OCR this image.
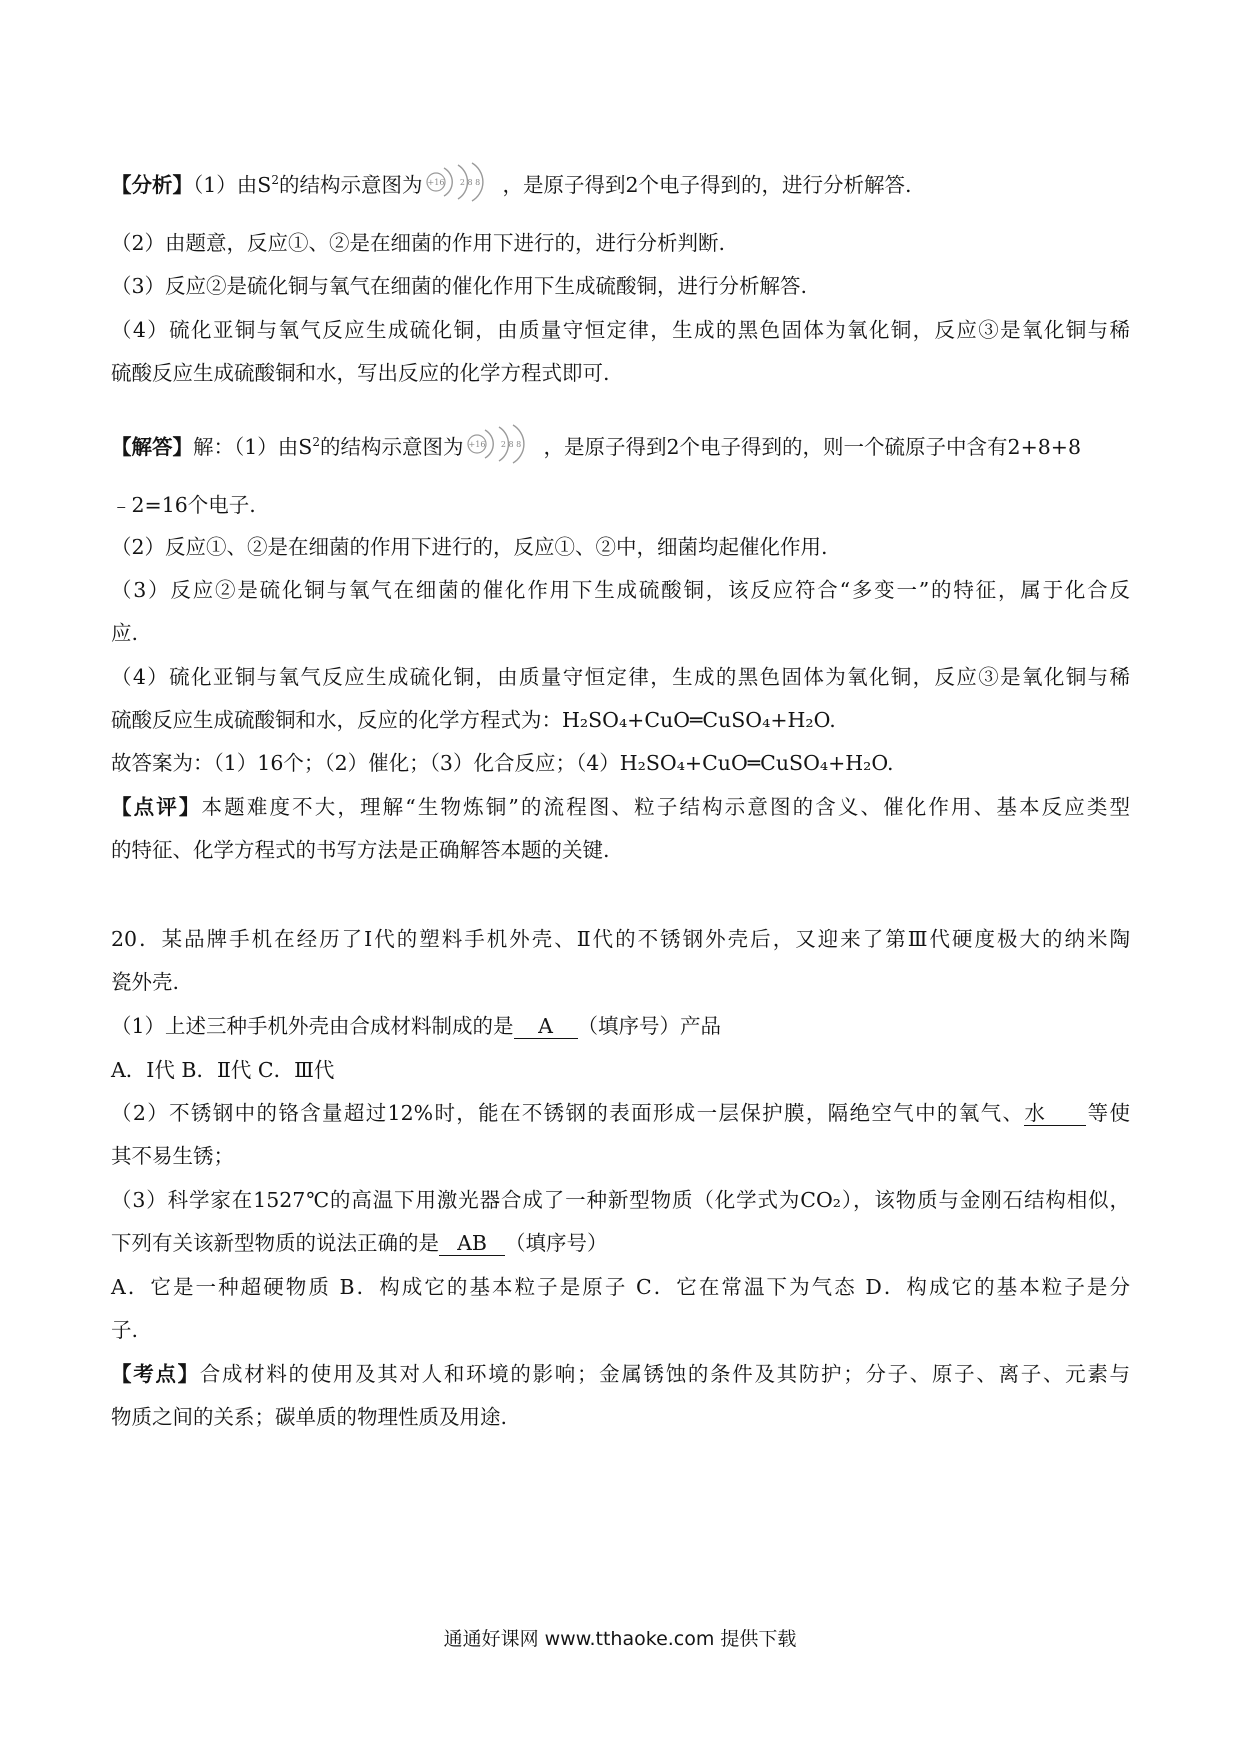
【分析】（1）由$S^2$的结构示意图为 +16 2 8 8 ，是原子得到2个电子得到的，进行分析解答.
（2）由题意，反应①、②是在细菌的作用下进行的，进行分析判断.
（3）反应②是硫化铜与氧气在细菌的催化作用下生成硫酸铜，进行分析解答.
（4）硫化亚铜与氧气反应生成硫化铜，由质量守恒定律，生成的黑色固体为氧化铜，反应③是氧化铜与稀
硫酸反应生成硫酸铜和水，写出反应的化学方程式即可.
【解答】解：（1）由$S^2$的结构示意图为 +16 2 8 8 ，是原子得到2个电子得到的，则一个硫原子中含有2+8+8
﹣2=16个电子.
（2）反应①、②是在细菌的作用下进行的，反应①、②中，细菌均起催化作用.
（3）反应②是硫化铜与氧气在细菌的催化作用下生成硫酸铜，该反应符合“多变一”的特征，属于化合反
应.
（4）硫化亚铜与氧气反应生成硫化铜，由质量守恒定律，生成的黑色固体为氧化铜，反应③是氧化铜与稀
硫酸反应生成硫酸铜和水，反应的化学方程式为：H₂SO₄+CuO═CuSO₄+H₂O.
故答案为：（1）16个；（2）催化；（3）化合反应；（4）H₂SO₄+CuO═CuSO₄+H₂O.
【点评】本题难度不大，理解“生物炼铜”的流程图、粒子结构示意图的含义、催化作用、基本反应类型
的特征、化学方程式的书写方法是正确解答本题的关键.
20．某品牌手机在经历了Ⅰ代的塑料手机外壳、Ⅱ代的不锈钢外壳后，又迎来了第Ⅲ代硬度极大的纳米陶
瓷外壳.
（1）上述三种手机外壳由合成材料制成的是 A （填序号）产品
A．Ⅰ代 B．Ⅱ代 C．Ⅲ代
（2）不锈钢中的铬含量超过12%时，能在不锈钢的表面形成一层保护膜，隔绝空气中的氧气、水 等使
其不易生锈；
（3）科学家在1527℃的高温下用激光器合成了一种新型物质（化学式为CO₂），该物质与金刚石结构相似，
下列有关该新型物质的说法正确的是 AB （填序号）
A．它是一种超硬物质 B．构成它的基本粒子是原子 C．它在常温下为气态 D．构成它的基本粒子是分
子.
【考点】合成材料的使用及其对人和环境的影响；金属锈蚀的条件及其防护；分子、原子、离子、元素与
物质之间的关系；碳单质的物理性质及用途.
通通好课网 www.tthaoke.com 提供下载
